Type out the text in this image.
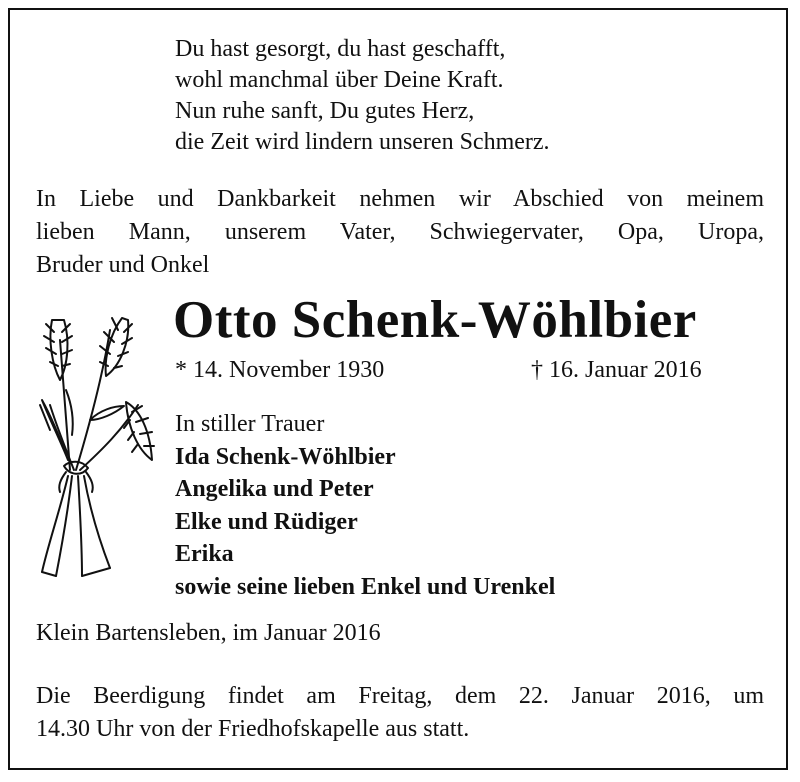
Du hast gesorgt, du hast geschafft,
wohl manchmal über Deine Kraft.
Nun ruhe sanft, Du gutes Herz,
die Zeit wird lindern unseren Schmerz.
In Liebe und Dankbarkeit nehmen wir Abschied von meinem
lieben Mann, unserem Vater, Schwiegervater, Opa, Uropa,
Bruder und Onkel
Otto Schenk-Wöhlbier
* 14. November 1930	† 16. Januar 2016
In stiller Trauer
Ida Schenk-Wöhlbier
Angelika und Peter
Elke und Rüdiger
Erika
sowie seine lieben Enkel und Urenkel
Klein Bartensleben, im Januar 2016
Die Beerdigung findet am Freitag, dem 22. Januar 2016, um
14.30 Uhr von der Friedhofskapelle aus statt.
